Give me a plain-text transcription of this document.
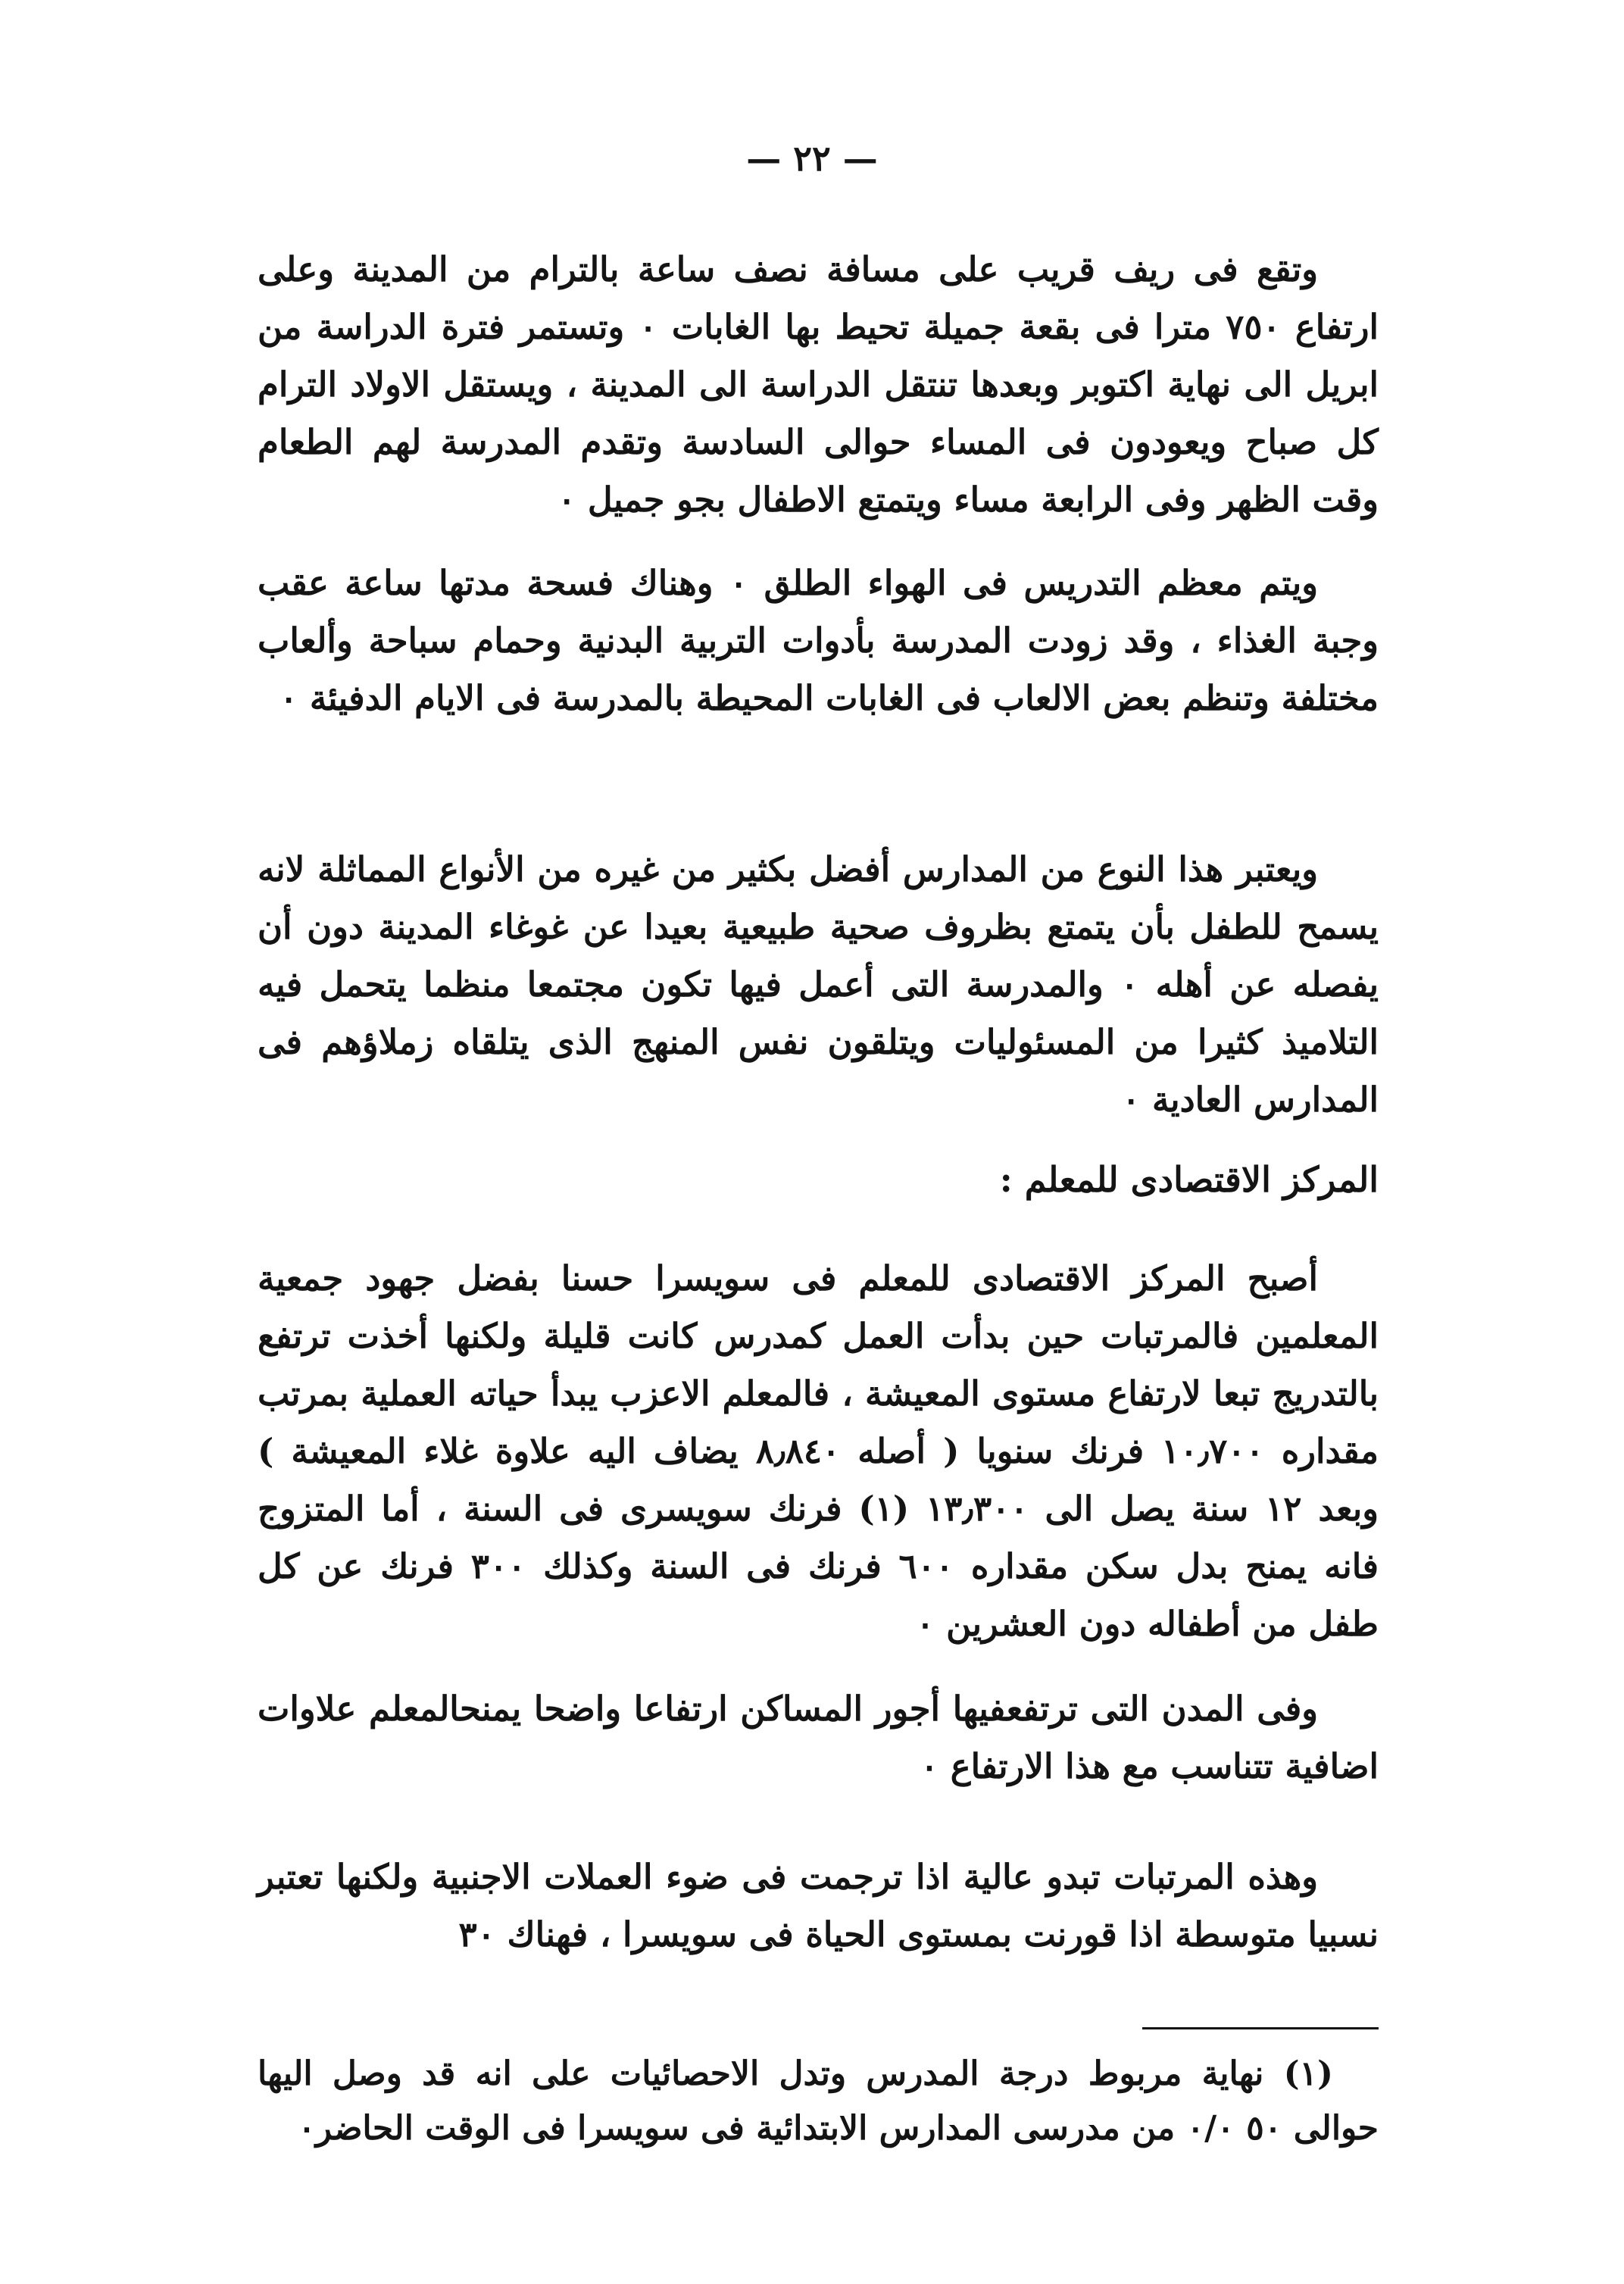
— ٢٢ —

وتقع فى ريف قريب على مسافة نصف ساعة بالترام من المدينة وعلى ارتفاع ٧٥٠ مترا فى بقعة جميلة تحيط بها الغابات ٠ وتستمر فترة الدراسة من ابريل الى نهاية اكتوبر وبعدها تنتقل الدراسة الى المدينة ، ويستقل الاولاد الترام كل صباح ويعودون فى المساء حوالى السادسة وتقدم المدرسة لهم الطعام وقت الظهر وفى الرابعة مساء ويتمتع الاطفال بجو جميل ٠

ويتم معظم التدريس فى الهواء الطلق ٠ وهناك فسحة مدتها ساعة عقب وجبة الغذاء ، وقد زودت المدرسة بأدوات التربية البدنية وحمام سباحة وألعاب مختلفة وتنظم بعض الالعاب فى الغابات المحيطة بالمدرسة فى الايام الدفيئة ٠

ويعتبر هذا النوع من المدارس أفضل بكثير من غيره من الأنواع المماثلة لانه يسمح للطفل بأن يتمتع بظروف صحية طبيعية بعيدا عن غوغاء المدينة دون أن يفصله عن أهله ٠ والمدرسة التى أعمل فيها تكون مجتمعا منظما يتحمل فيه التلاميذ كثيرا من المسئوليات ويتلقون نفس المنهج الذى يتلقاه زملاؤهم فى المدارس العادية ٠

المركز الاقتصادى للمعلم :

أصبح المركز الاقتصادى للمعلم فى سويسرا حسنا بفضل جهود جمعية المعلمين فالمرتبات حين بدأت العمل كمدرس كانت قليلة ولكنها أخذت ترتفع بالتدريج تبعا لارتفاع مستوى المعيشة ، فالمعلم الاعزب يبدأ حياته العملية بمرتب مقداره ١٠٫٧٠٠ فرنك سنويا ( أصله ٨٫٨٤٠ يضاف اليه علاوة غلاء المعيشة ) وبعد ١٢ سنة يصل الى ١٣٫٣٠٠ (١) فرنك سويسرى فى السنة ، أما المتزوج فانه يمنح بدل سكن مقداره ٦٠٠ فرنك فى السنة وكذلك ٣٠٠ فرنك عن كل طفل من أطفاله دون العشرين ٠

وفى المدن التى ترتفعفيها أجور المساكن ارتفاعا واضحا يمنحالمعلم علاوات اضافية تتناسب مع هذا الارتفاع ٠

وهذه المرتبات تبدو عالية اذا ترجمت فى ضوء العملات الاجنبية ولكنها تعتبر نسبيا متوسطة اذا قورنت بمستوى الحياة فى سويسرا ، فهناك ٣٠

(١) نهاية مربوط درجة المدرس وتدل الاحصائيات على انه قد وصل اليها حوالى ٥٠ ٠/٠ من مدرسى المدارس الابتدائية فى سويسرا فى الوقت الحاضر٠
